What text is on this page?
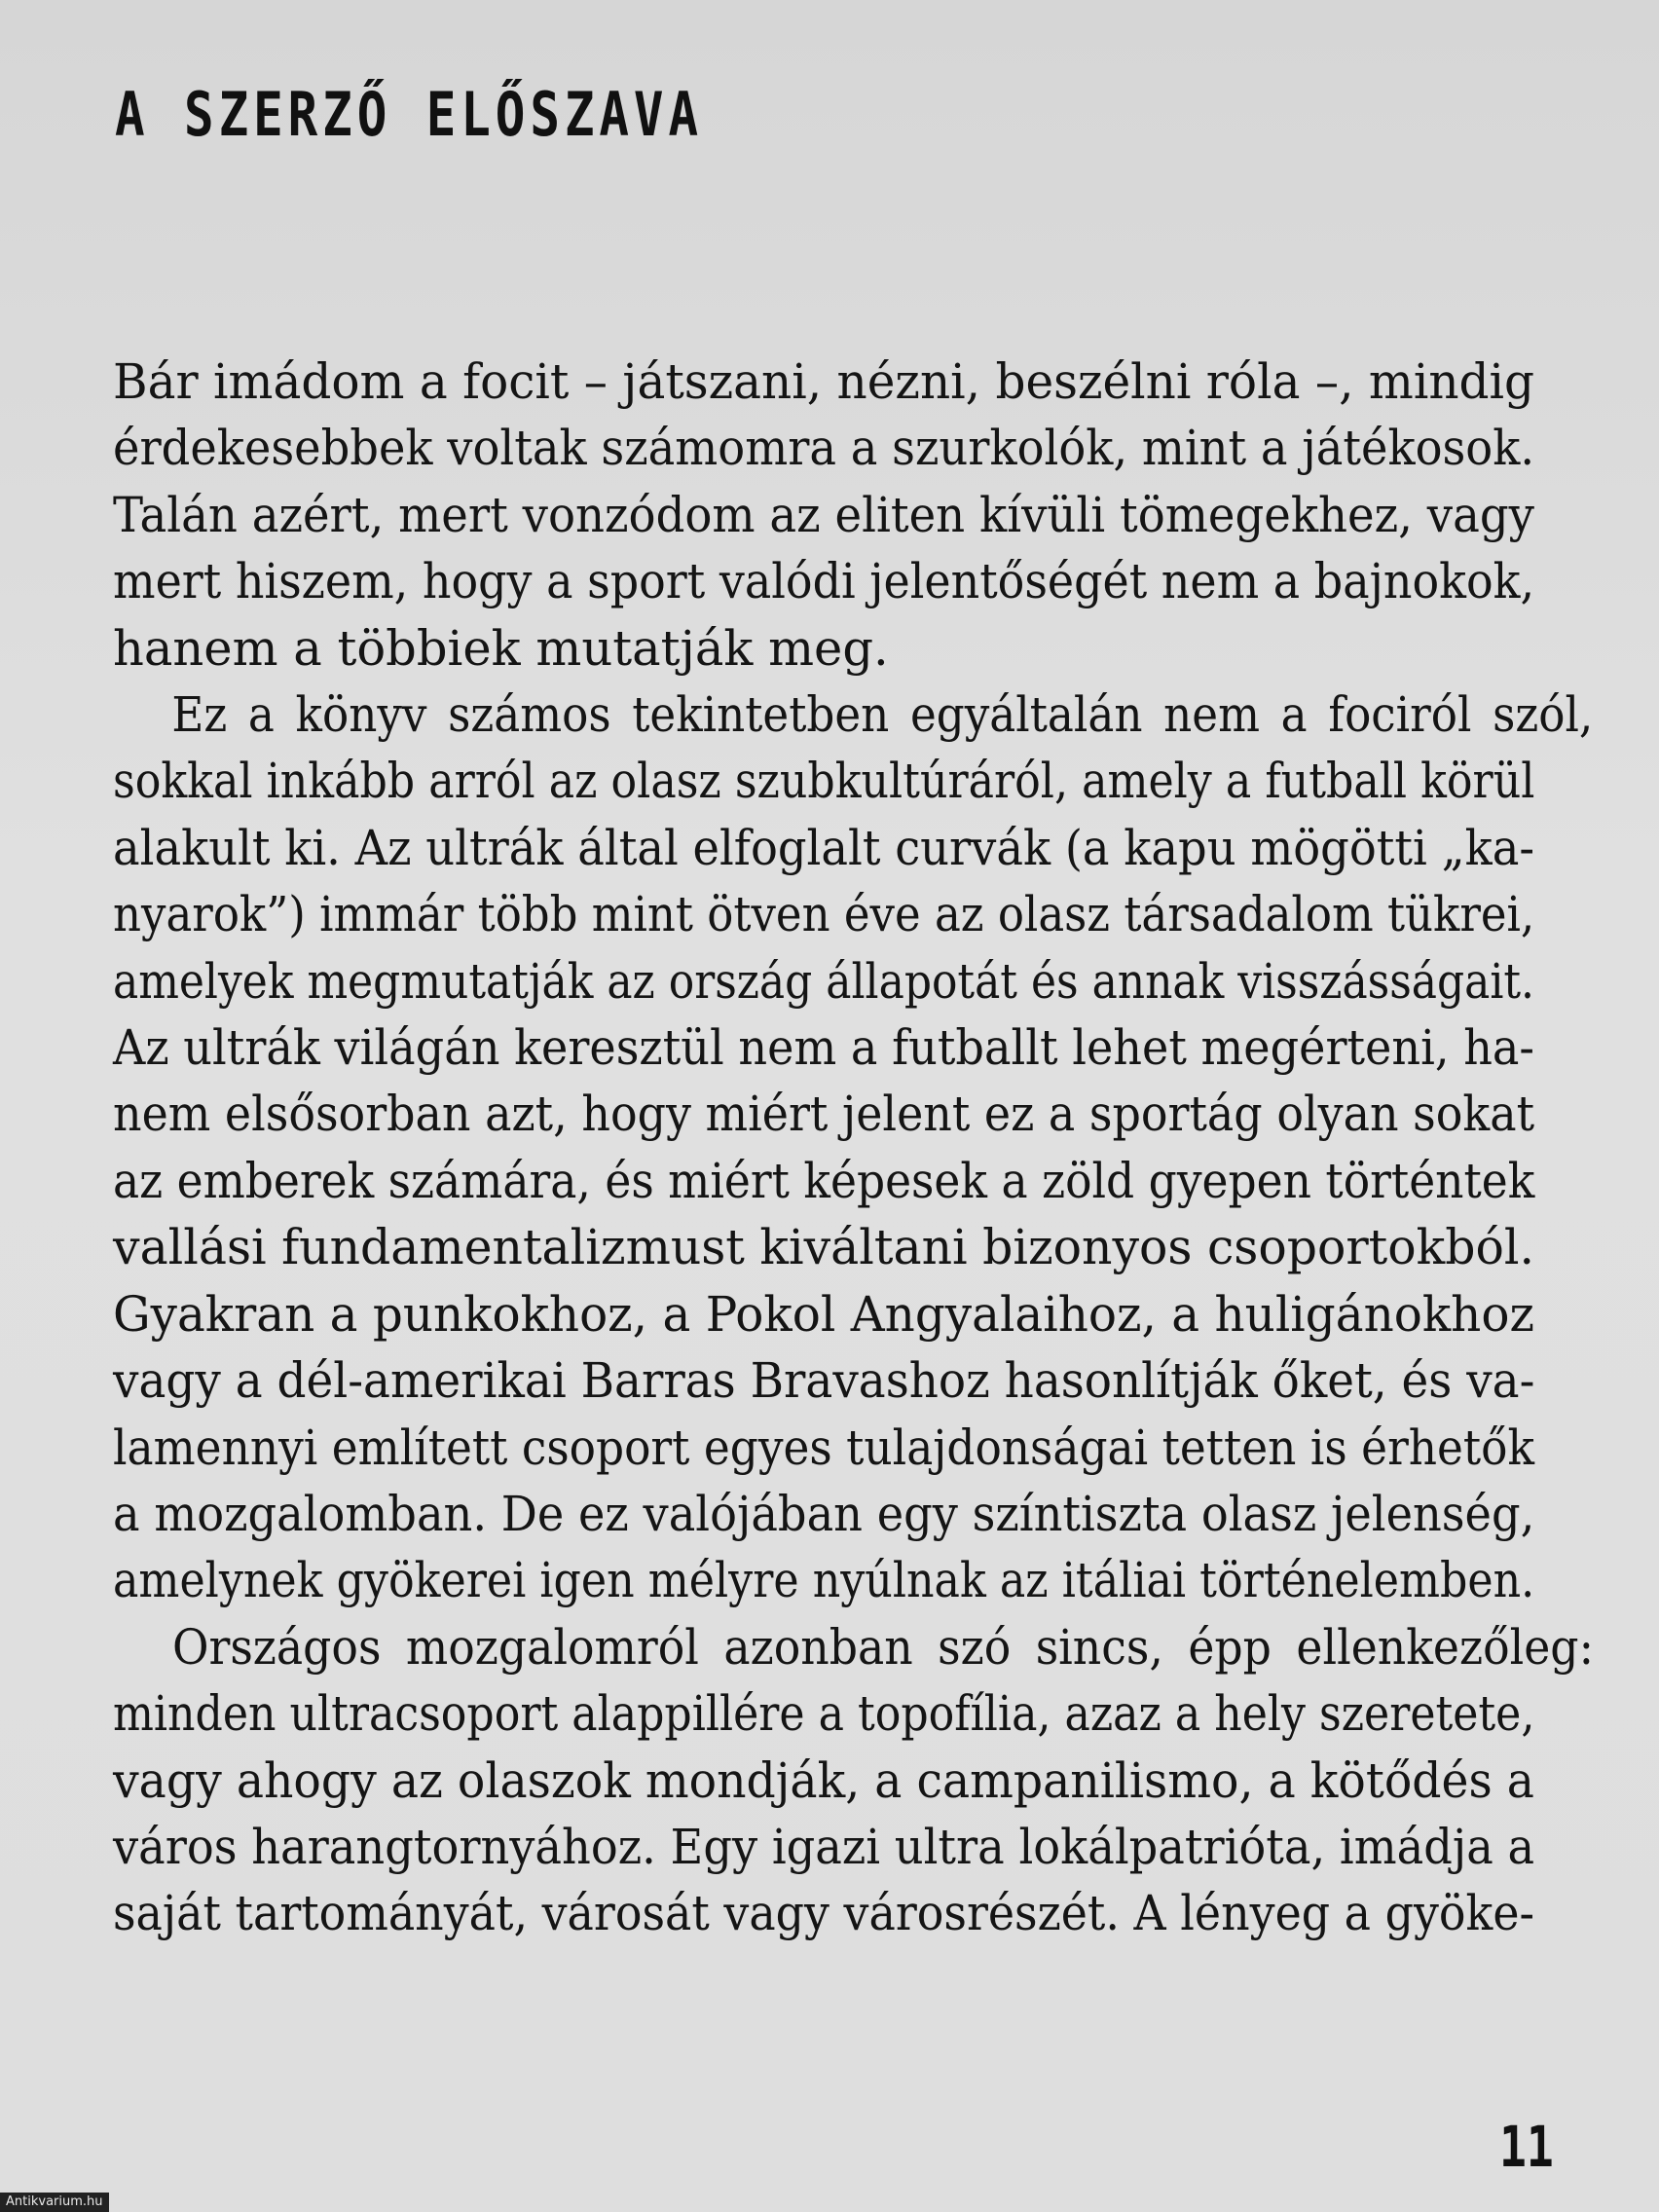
A SZERZŐ ELŐSZAVA

Bár imádom a focit – játszani, nézni, beszélni róla –, mindig
érdekesebbek voltak számomra a szurkolók, mint a játékosok.
Talán azért, mert vonzódom az eliten kívüli tömegekhez, vagy
mert hiszem, hogy a sport valódi jelentőségét nem a bajnokok,
hanem a többiek mutatják meg.

Ez a könyv számos tekintetben egyáltalán nem a fociról szól,
sokkal inkább arról az olasz szubkultúráról, amely a futball körül
alakult ki. Az ultrák által elfoglalt curvák (a kapu mögötti „ka-
nyarok”) immár több mint ötven éve az olasz társadalom tükrei,
amelyek megmutatják az ország állapotát és annak visszásságait.
Az ultrák világán keresztül nem a futballt lehet megérteni, ha-
nem elsősorban azt, hogy miért jelent ez a sportág olyan sokat
az emberek számára, és miért képesek a zöld gyepen történtek
vallási fundamentalizmust kiváltani bizonyos csoportokból.
Gyakran a punkokhoz, a Pokol Angyalaihoz, a huligánokhoz
vagy a dél-amerikai Barras Bravashoz hasonlítják őket, és va-
lamennyi említett csoport egyes tulajdonságai tetten is érhetők
a mozgalomban. De ez valójában egy színtiszta olasz jelenség,
amelynek gyökerei igen mélyre nyúlnak az itáliai történelemben.

Országos mozgalomról azonban szó sincs, épp ellenkezőleg:
minden ultracsoport alappillére a topofília, azaz a hely szeretete,
vagy ahogy az olaszok mondják, a campanilismo, a kötődés a
város harangtornyához. Egy igazi ultra lokálpatrióta, imádja a
saját tartományát, városát vagy városrészét. A lényeg a gyöke-

11
Antikvarium.hu
